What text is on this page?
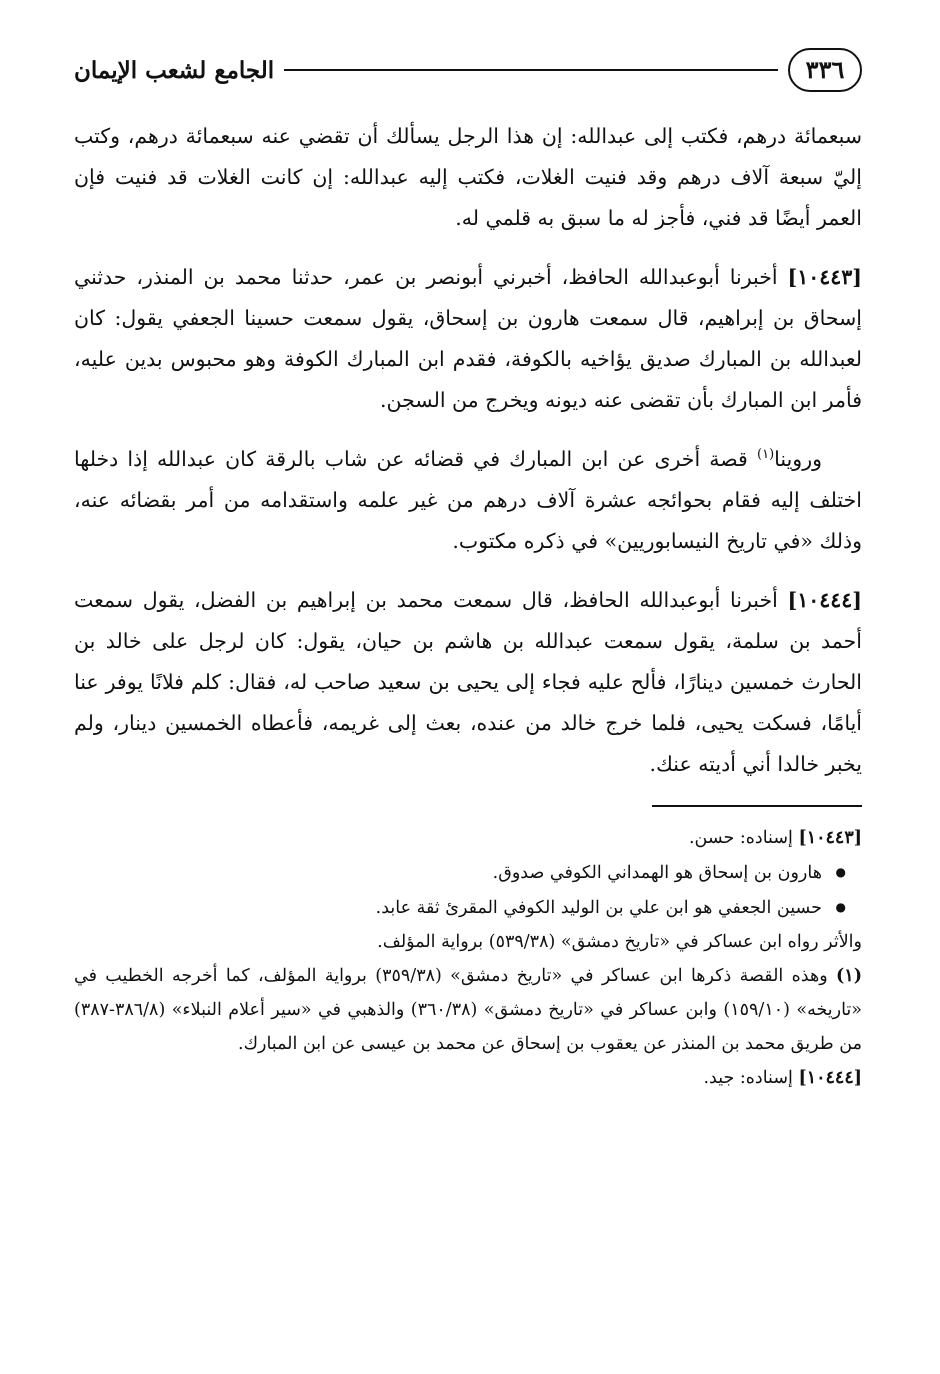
٣٣٦
الجامع لشعب الإيمان

سبعمائة درهم، فكتب إلى عبدالله: إن هذا الرجل يسألك أن تقضي عنه سبعمائة درهم، وكتب إليّ سبعة آلاف درهم وقد فنيت الغلات، فكتب إليه عبدالله: إن كانت الغلات قد فنيت فإن العمر أيضًا قد فني، فأجز له ما سبق به قلمي له.

[١٠٤٤٣] أخبرنا أبوعبدالله الحافظ، أخبرني أبونصر بن عمر، حدثنا محمد بن المنذر، حدثني إسحاق بن إبراهيم، قال سمعت هارون بن إسحاق، يقول سمعت حسينا الجعفي يقول: كان لعبدالله بن المبارك صديق يؤاخيه بالكوفة، فقدم ابن المبارك الكوفة وهو محبوس بدين عليه، فأمر ابن المبارك بأن تقضى عنه ديونه ويخرج من السجن.

وروينا$^{(١)}$ قصة أخرى عن ابن المبارك في قضائه عن شاب بالرقة كان عبدالله إذا دخلها اختلف إليه فقام بحوائجه عشرة آلاف درهم من غير علمه واستقدامه من أمر بقضائه عنه، وذلك «في تاريخ النيسابوريين» في ذكره مكتوب.

[١٠٤٤٤] أخبرنا أبوعبدالله الحافظ، قال سمعت محمد بن إبراهيم بن الفضل، يقول سمعت أحمد بن سلمة، يقول سمعت عبدالله بن هاشم بن حيان، يقول: كان لرجل على خالد بن الحارث خمسين دينارًا، فألح عليه فجاء إلى يحيى بن سعيد صاحب له، فقال: كلم فلانًا يوفر عنا أيامًا، فسكت يحيى، فلما خرج خالد من عنده، بعث إلى غريمه، فأعطاه الخمسين دينار، ولم يخبر خالدا أني أديته عنك.

[١٠٤٤٣] إسناده: حسن.

● هارون بن إسحاق هو الهمداني الكوفي صدوق.

● حسين الجعفي هو ابن علي بن الوليد الكوفي المقرئ ثقة عابد.

والأثر رواه ابن عساكر في «تاريخ دمشق» (٥٣٩/٣٨) برواية المؤلف.

(١) وهذه القصة ذكرها ابن عساكر في «تاريخ دمشق» (٣٥٩/٣٨) برواية المؤلف، كما أخرجه الخطيب في «تاريخه» (١٥٩/١٠) وابن عساكر في «تاريخ دمشق» (٣٦٠/٣٨) والذهبي في «سير أعلام النبلاء» (٣٨٦/٨-٣٨٧) من طريق محمد بن المنذر عن يعقوب بن إسحاق عن محمد بن عيسى عن ابن المبارك.

[١٠٤٤٤] إسناده: جيد.
